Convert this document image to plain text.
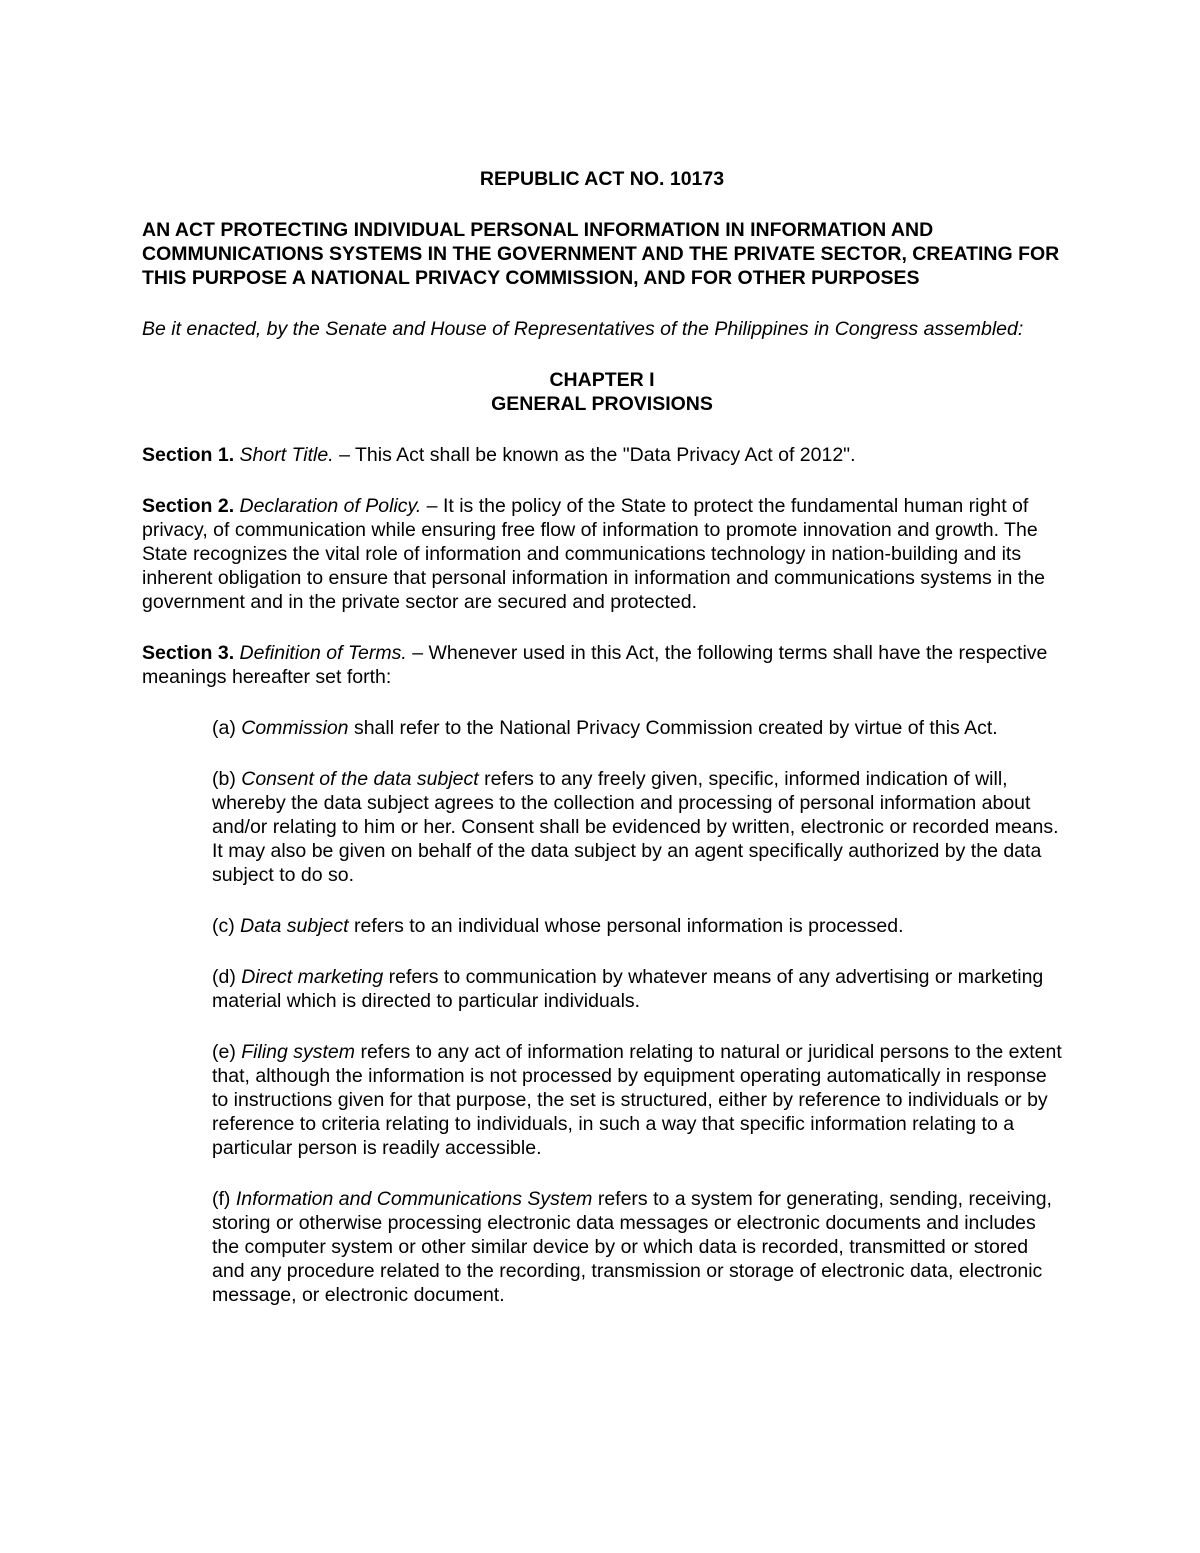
REPUBLIC ACT NO. 10173

AN ACT PROTECTING INDIVIDUAL PERSONAL INFORMATION IN INFORMATION AND COMMUNICATIONS SYSTEMS IN THE GOVERNMENT AND THE PRIVATE SECTOR, CREATING FOR THIS PURPOSE A NATIONAL PRIVACY COMMISSION, AND FOR OTHER PURPOSES

Be it enacted, by the Senate and House of Representatives of the Philippines in Congress assembled:

CHAPTER I
GENERAL PROVISIONS

Section 1. Short Title. – This Act shall be known as the "Data Privacy Act of 2012".

Section 2. Declaration of Policy. – It is the policy of the State to protect the fundamental human right of privacy, of communication while ensuring free flow of information to promote innovation and growth. The State recognizes the vital role of information and communications technology in nation-building and its inherent obligation to ensure that personal information in information and communications systems in the government and in the private sector are secured and protected.

Section 3. Definition of Terms. – Whenever used in this Act, the following terms shall have the respective meanings hereafter set forth:

(a) Commission shall refer to the National Privacy Commission created by virtue of this Act.

(b) Consent of the data subject refers to any freely given, specific, informed indication of will, whereby the data subject agrees to the collection and processing of personal information about and/or relating to him or her. Consent shall be evidenced by written, electronic or recorded means. It may also be given on behalf of the data subject by an agent specifically authorized by the data subject to do so.

(c) Data subject refers to an individual whose personal information is processed.

(d) Direct marketing refers to communication by whatever means of any advertising or marketing material which is directed to particular individuals.

(e) Filing system refers to any act of information relating to natural or juridical persons to the extent that, although the information is not processed by equipment operating automatically in response to instructions given for that purpose, the set is structured, either by reference to individuals or by reference to criteria relating to individuals, in such a way that specific information relating to a particular person is readily accessible.

(f) Information and Communications System refers to a system for generating, sending, receiving, storing or otherwise processing electronic data messages or electronic documents and includes the computer system or other similar device by or which data is recorded, transmitted or stored and any procedure related to the recording, transmission or storage of electronic data, electronic message, or electronic document.
